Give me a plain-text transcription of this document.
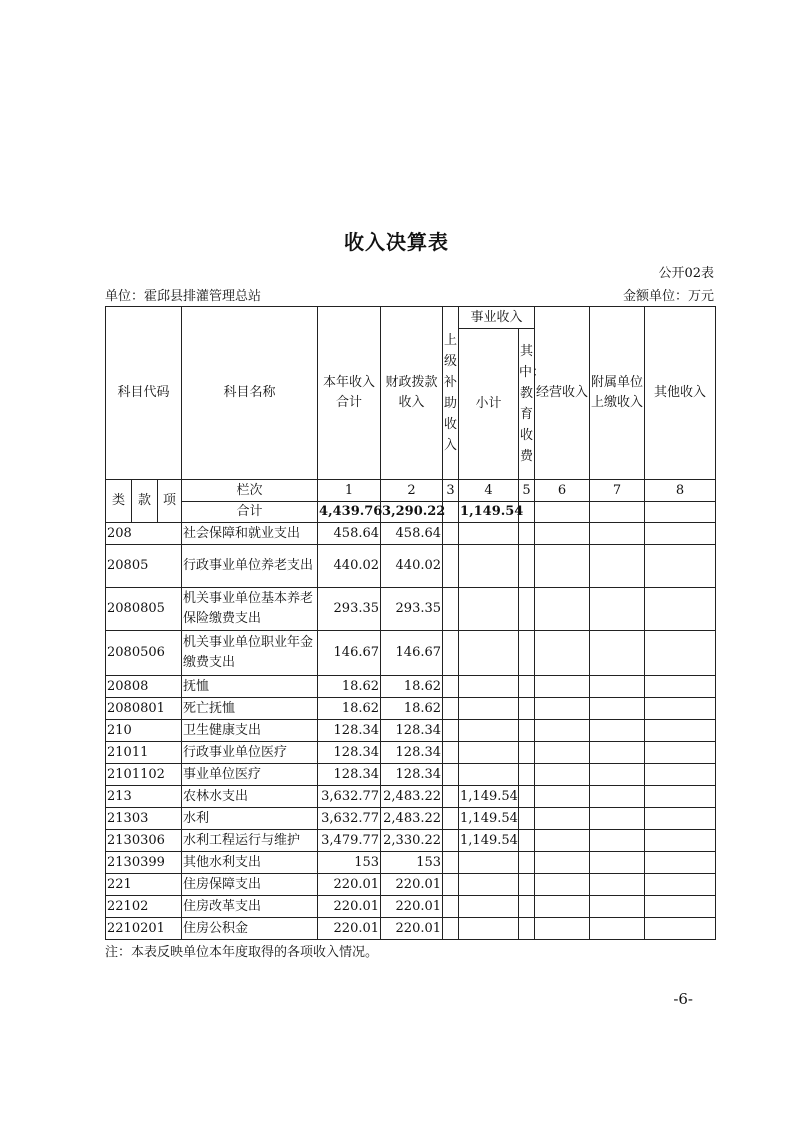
收入决算表
公开02表
单位：霍邱县排灌管理总站	金额单位：万元
科目代码			科目名称	本年收入合计	财政拨款收入	上级补助收入	事业收入		经营收入	附属单位上缴收入	其他收入
							小计	其中：教育收费			
类	款	项	栏次	1	2	3	4	5	6	7	8
			合计	4,439.76	3,290.22		1,149.54				
208			社会保障和就业支出	458.64	458.64						
20805			行政事业单位养老支出	440.02	440.02						
2080805			机关事业单位基本养老保险缴费支出	293.35	293.35						
2080506			机关事业单位职业年金缴费支出	146.67	146.67						
20808			抚恤	18.62	18.62						
2080801			死亡抚恤	18.62	18.62						
210			卫生健康支出	128.34	128.34						
21011			行政事业单位医疗	128.34	128.34						
2101102			事业单位医疗	128.34	128.34						
213			农林水支出	3,632.77	2,483.22		1,149.54				
21303			水利	3,632.77	2,483.22		1,149.54				
2130306			水利工程运行与维护	3,479.77	2,330.22		1,149.54				
2130399			其他水利支出	153	153						
221			住房保障支出	220.01	220.01						
22102			住房改革支出	220.01	220.01						
2210201			住房公积金	220.01	220.01						
注：本表反映单位本年度取得的各项收入情况。
-6-
